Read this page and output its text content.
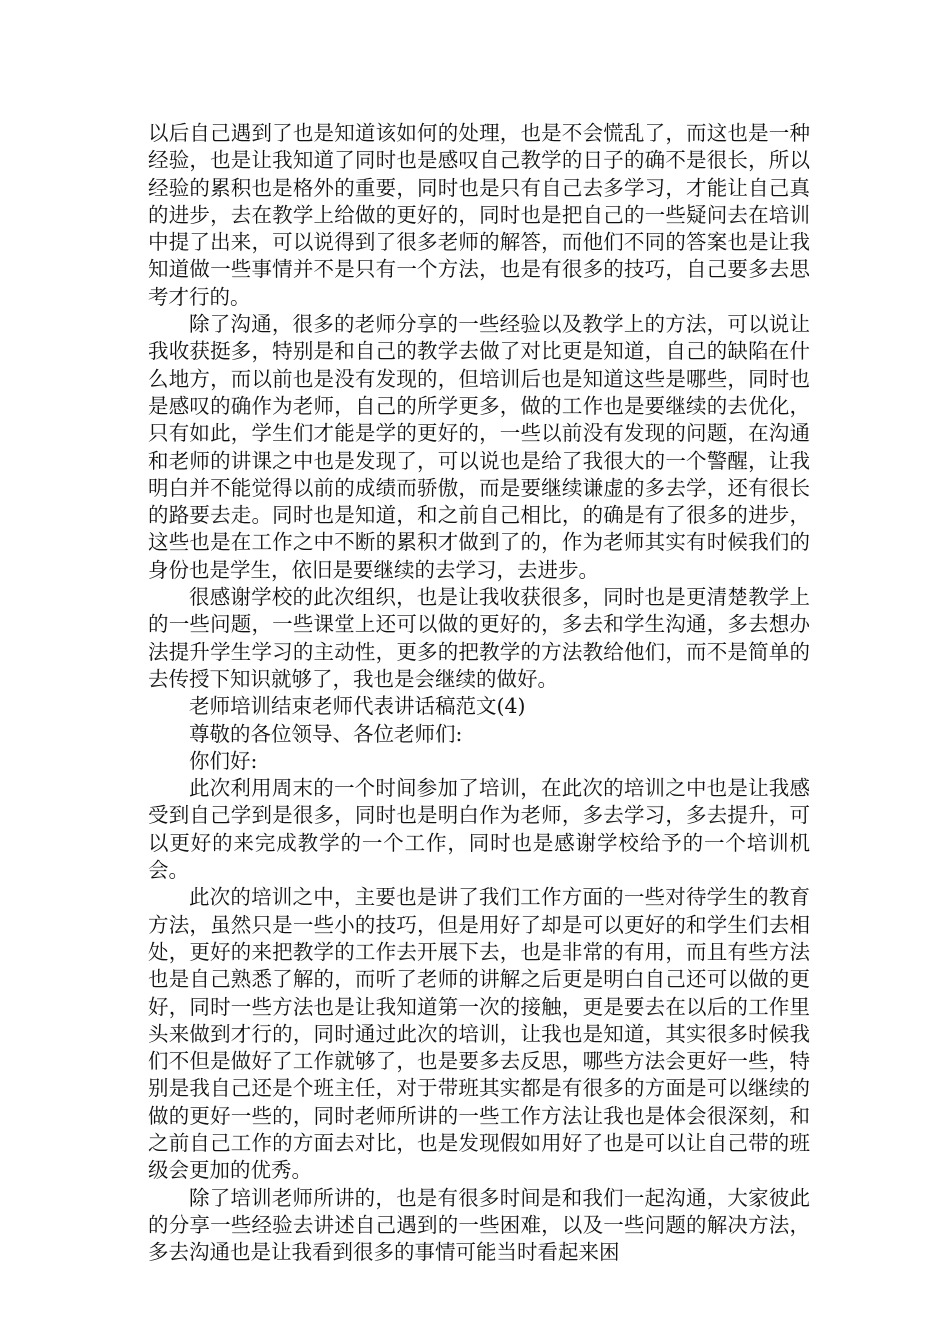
以后自己遇到了也是知道该如何的处理，也是不会慌乱了，而这也是一种经验，也是让我知道了同时也是感叹自己教学的日子的确不是很长，所以经验的累积也是格外的重要，同时也是只有自己去多学习，才能让自己真的进步，去在教学上给做的更好的，同时也是把自己的一些疑问去在培训中提了出来，可以说得到了很多老师的解答，而他们不同的答案也是让我知道做一些事情并不是只有一个方法，也是有很多的技巧，自己要多去思考才行的。

除了沟通，很多的老师分享的一些经验以及教学上的方法，可以说让我收获挺多，特别是和自己的教学去做了对比更是知道，自己的缺陷在什么地方，而以前也是没有发现的，但培训后也是知道这些是哪些，同时也是感叹的确作为老师，自己的所学更多，做的工作也是要继续的去优化，只有如此，学生们才能是学的更好的，一些以前没有发现的问题，在沟通和老师的讲课之中也是发现了，可以说也是给了我很大的一个警醒，让我明白并不能觉得以前的成绩而骄傲，而是要继续谦虚的多去学，还有很长的路要去走。同时也是知道，和之前自己相比，的确是有了很多的进步，这些也是在工作之中不断的累积才做到了的，作为老师其实有时候我们的身份也是学生，依旧是要继续的去学习，去进步。

很感谢学校的此次组织，也是让我收获很多，同时也是更清楚教学上的一些问题，一些课堂上还可以做的更好的，多去和学生沟通，多去想办法提升学生学习的主动性，更多的把教学的方法教给他们，而不是简单的去传授下知识就够了，我也是会继续的做好。

老师培训结束老师代表讲话稿范文(4)

尊敬的各位领导、各位老师们:

你们好:

此次利用周末的一个时间参加了培训，在此次的培训之中也是让我感受到自己学到是很多，同时也是明白作为老师，多去学习，多去提升，可以更好的来完成教学的一个工作，同时也是感谢学校给予的一个培训机会。

此次的培训之中，主要也是讲了我们工作方面的一些对待学生的教育方法，虽然只是一些小的技巧，但是用好了却是可以更好的和学生们去相处，更好的来把教学的工作去开展下去，也是非常的有用，而且有些方法也是自己熟悉了解的，而听了老师的讲解之后更是明白自己还可以做的更好，同时一些方法也是让我知道第一次的接触，更是要去在以后的工作里头来做到才行的，同时通过此次的培训，让我也是知道，其实很多时候我们不但是做好了工作就够了，也是要多去反思，哪些方法会更好一些，特别是我自己还是个班主任，对于带班其实都是有很多的方面是可以继续的做的更好一些的，同时老师所讲的一些工作方法让我也是体会很深刻，和之前自己工作的方面去对比，也是发现假如用好了也是可以让自己带的班级会更加的优秀。

除了培训老师所讲的，也是有很多时间是和我们一起沟通，大家彼此的分享一些经验去讲述自己遇到的一些困难，以及一些问题的解决方法，多去沟通也是让我看到很多的事情可能当时看起来困
